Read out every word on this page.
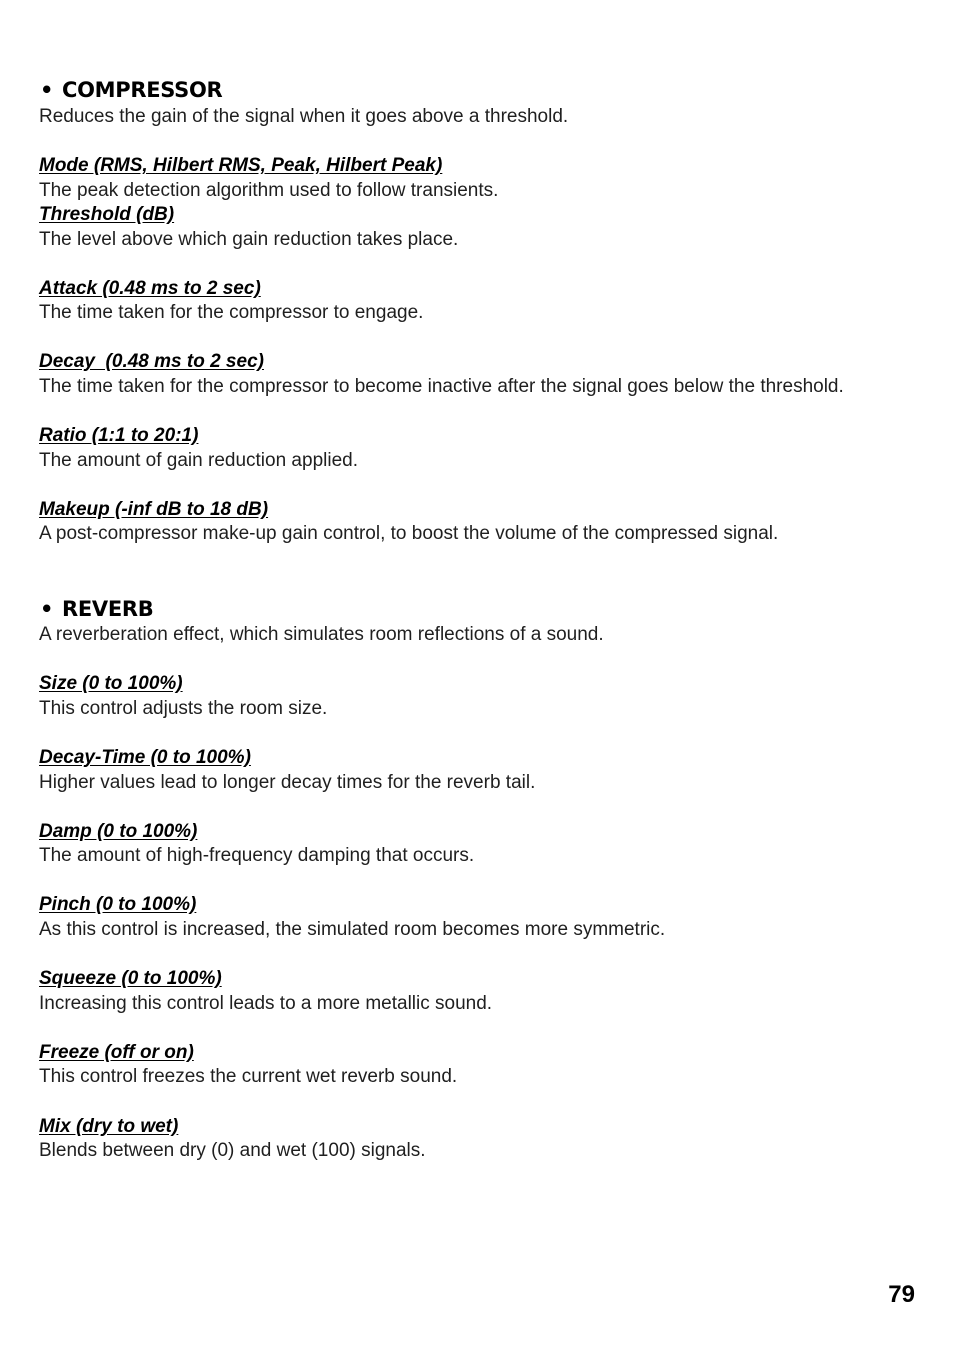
• COMPRESSOR
Reduces the gain of the signal when it goes above a threshold.
Mode (RMS, Hilbert RMS, Peak, Hilbert Peak)
The peak detection algorithm used to follow transients.
Threshold (dB)
The level above which gain reduction takes place.
Attack (0.48 ms to 2 sec)
The time taken for the compressor to engage.
Decay  (0.48 ms to 2 sec)
The time taken for the compressor to become inactive after the signal goes below the threshold.
Ratio (1:1 to 20:1)
The amount of gain reduction applied.
Makeup (-inf dB to 18 dB)
A post-compressor make-up gain control, to boost the volume of the compressed signal.
• REVERB
A reverberation effect, which simulates room reflections of a sound.
Size (0 to 100%)
This control adjusts the room size.
Decay-Time (0 to 100%)
Higher values lead to longer decay times for the reverb tail.
Damp (0 to 100%)
The amount of high-frequency damping that occurs.
Pinch (0 to 100%)
As this control is increased, the simulated room becomes more symmetric.
Squeeze (0 to 100%)
Increasing this control leads to a more metallic sound.
Freeze (off or on)
This control freezes the current wet reverb sound.
Mix (dry to wet)
Blends between dry (0) and wet (100) signals.
79
